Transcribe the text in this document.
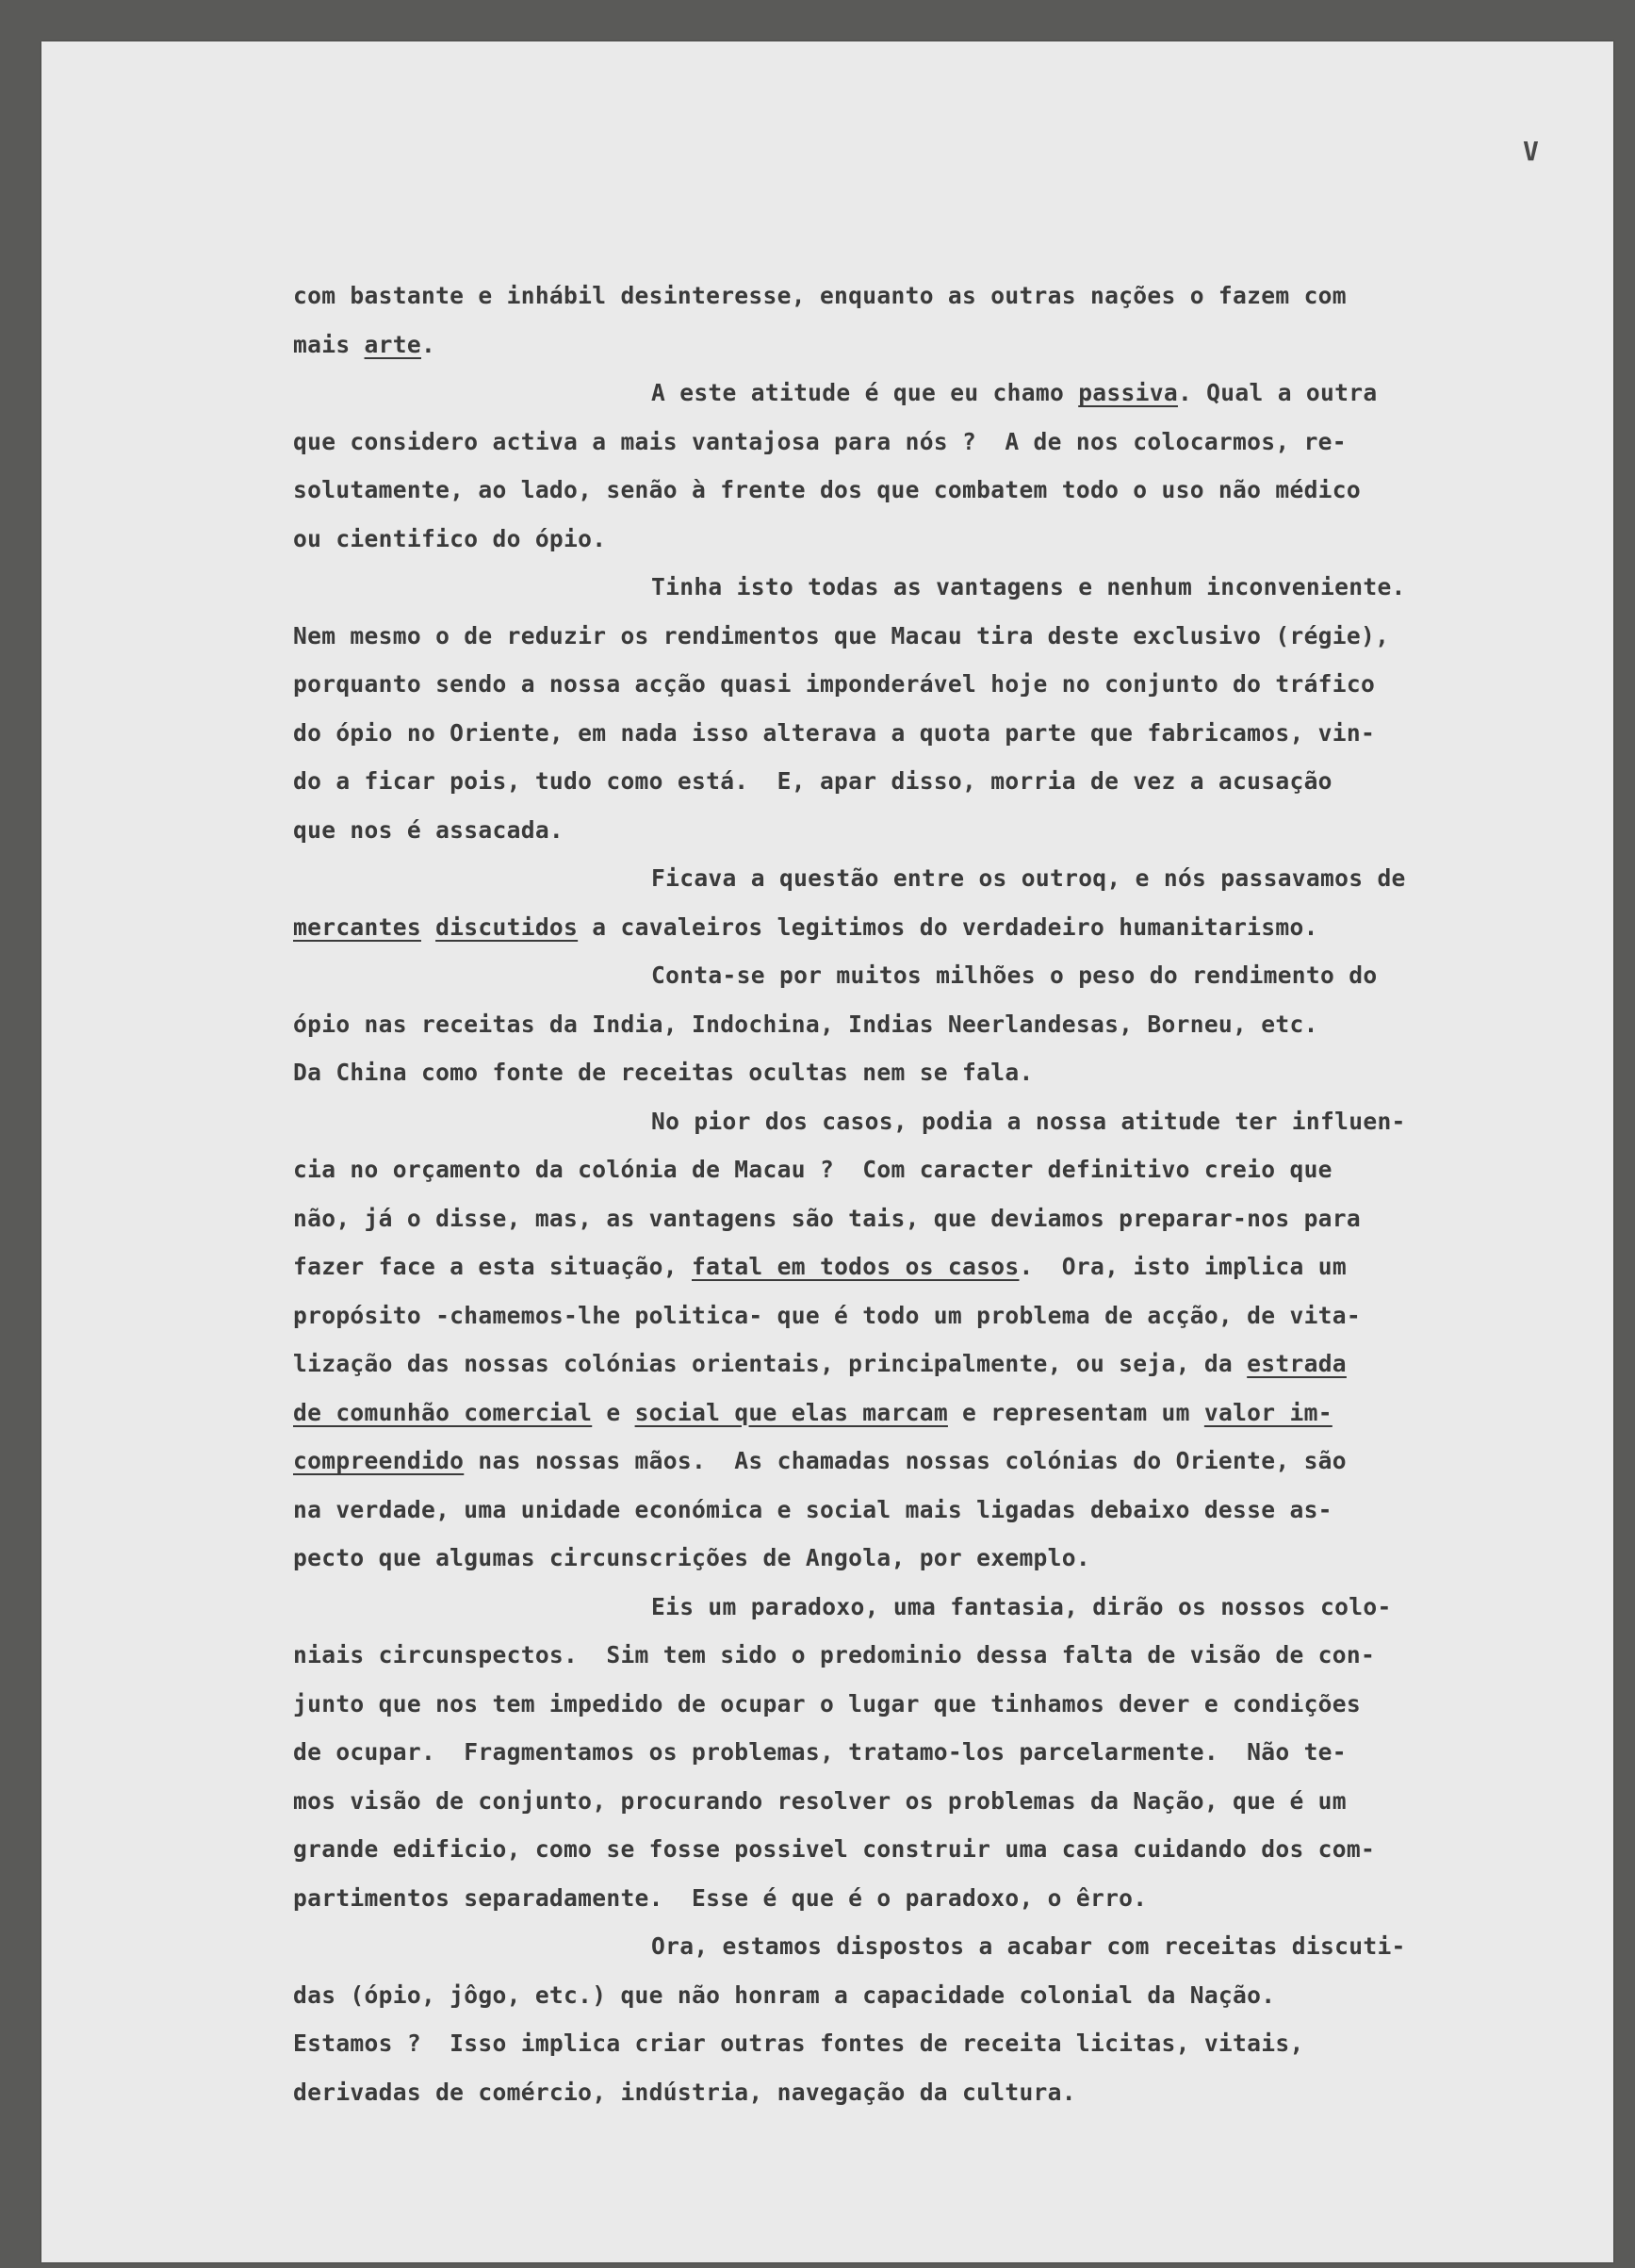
V
com bastante e inhábil desinteresse, enquanto as outras nações o fazem com
mais arte.
A este atitude é que eu chamo passiva. Qual a outra
que considero activa a mais vantajosa para nós ?  A de nos colocarmos, re-
solutamente, ao lado, senão à frente dos que combatem todo o uso não médico
ou cientifico do ópio.
Tinha isto todas as vantagens e nenhum inconveniente.
Nem mesmo o de reduzir os rendimentos que Macau tira deste exclusivo (régie),
porquanto sendo a nossa acção quasi imponderável hoje no conjunto do tráfico
do ópio no Oriente, em nada isso alterava a quota parte que fabricamos, vin-
do a ficar pois, tudo como está.  E, apar disso, morria de vez a acusação
que nos é assacada.
Ficava a questão entre os outroq, e nós passavamos de
mercantes discutidos a cavaleiros legitimos do verdadeiro humanitarismo.
Conta-se por muitos milhões o peso do rendimento do
ópio nas receitas da India, Indochina, Indias Neerlandesas, Borneu, etc.
Da China como fonte de receitas ocultas nem se fala.
No pior dos casos, podia a nossa atitude ter influen-
cia no orçamento da colónia de Macau ?  Com caracter definitivo creio que
não, já o disse, mas, as vantagens são tais, que deviamos preparar-nos para
fazer face a esta situação, fatal em todos os casos.  Ora, isto implica um
propósito -chamemos-lhe politica- que é todo um problema de acção, de vita-
lização das nossas colónias orientais, principalmente, ou seja, da estrada
de comunhão comercial e social que elas marcam e representam um valor im-
compreendido nas nossas mãos.  As chamadas nossas colónias do Oriente, são
na verdade, uma unidade económica e social mais ligadas debaixo desse as-
pecto que algumas circunscrições de Angola, por exemplo.
Eis um paradoxo, uma fantasia, dirão os nossos colo-
niais circunspectos.  Sim tem sido o predominio dessa falta de visão de con-
junto que nos tem impedido de ocupar o lugar que tinhamos dever e condições
de ocupar.  Fragmentamos os problemas, tratamo-los parcelarmente.  Não te-
mos visão de conjunto, procurando resolver os problemas da Nação, que é um
grande edificio, como se fosse possivel construir uma casa cuidando dos com-
partimentos separadamente.  Esse é que é o paradoxo, o êrro.
Ora, estamos dispostos a acabar com receitas discuti-
das (ópio, jôgo, etc.) que não honram a capacidade colonial da Nação.
Estamos ?  Isso implica criar outras fontes de receita licitas, vitais,
derivadas de comércio, indústria, navegação da cultura.
